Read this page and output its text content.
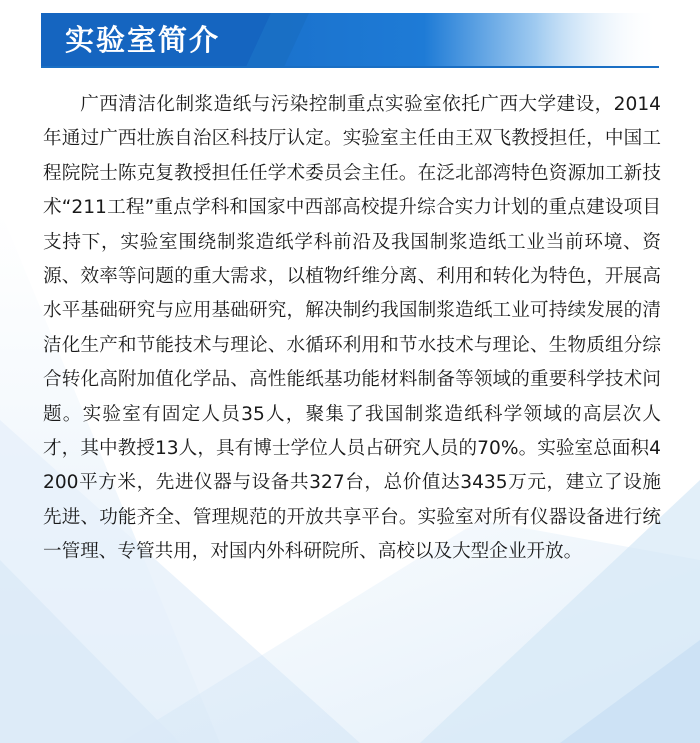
实验室简介

广西清洁化制浆造纸与污染控制重点实验室依托广西大学建设，2014年通过广西壮族自治区科技厅认定。实验室主任由王双飞教授担任，中国工程院院士陈克复教授担任任学术委员会主任。在泛北部湾特色资源加工新技术“211工程”重点学科和国家中西部高校提升综合实力计划的重点建设项目支持下，实验室围绕制浆造纸学科前沿及我国制浆造纸工业当前环境、资源、效率等问题的重大需求，以植物纤维分离、利用和转化为特色，开展高水平基础研究与应用基础研究，解决制约我国制浆造纸工业可持续发展的清洁化生产和节能技术与理论、水循环利用和节水技术与理论、生物质组分综合转化高附加值化学品、高性能纸基功能材料制备等领域的重要科学技术问题。实验室有固定人员35人，聚集了我国制浆造纸科学领域的高层次人才，其中教授13人，具有博士学位人员占研究人员的70%。实验室总面积4200平方米，先进仪器与设备共327台，总价值达3435万元，建立了设施先进、功能齐全、管理规范的开放共享平台。实验室对所有仪器设备进行统一管理、专管共用，对国内外科研院所、高校以及大型企业开放。
